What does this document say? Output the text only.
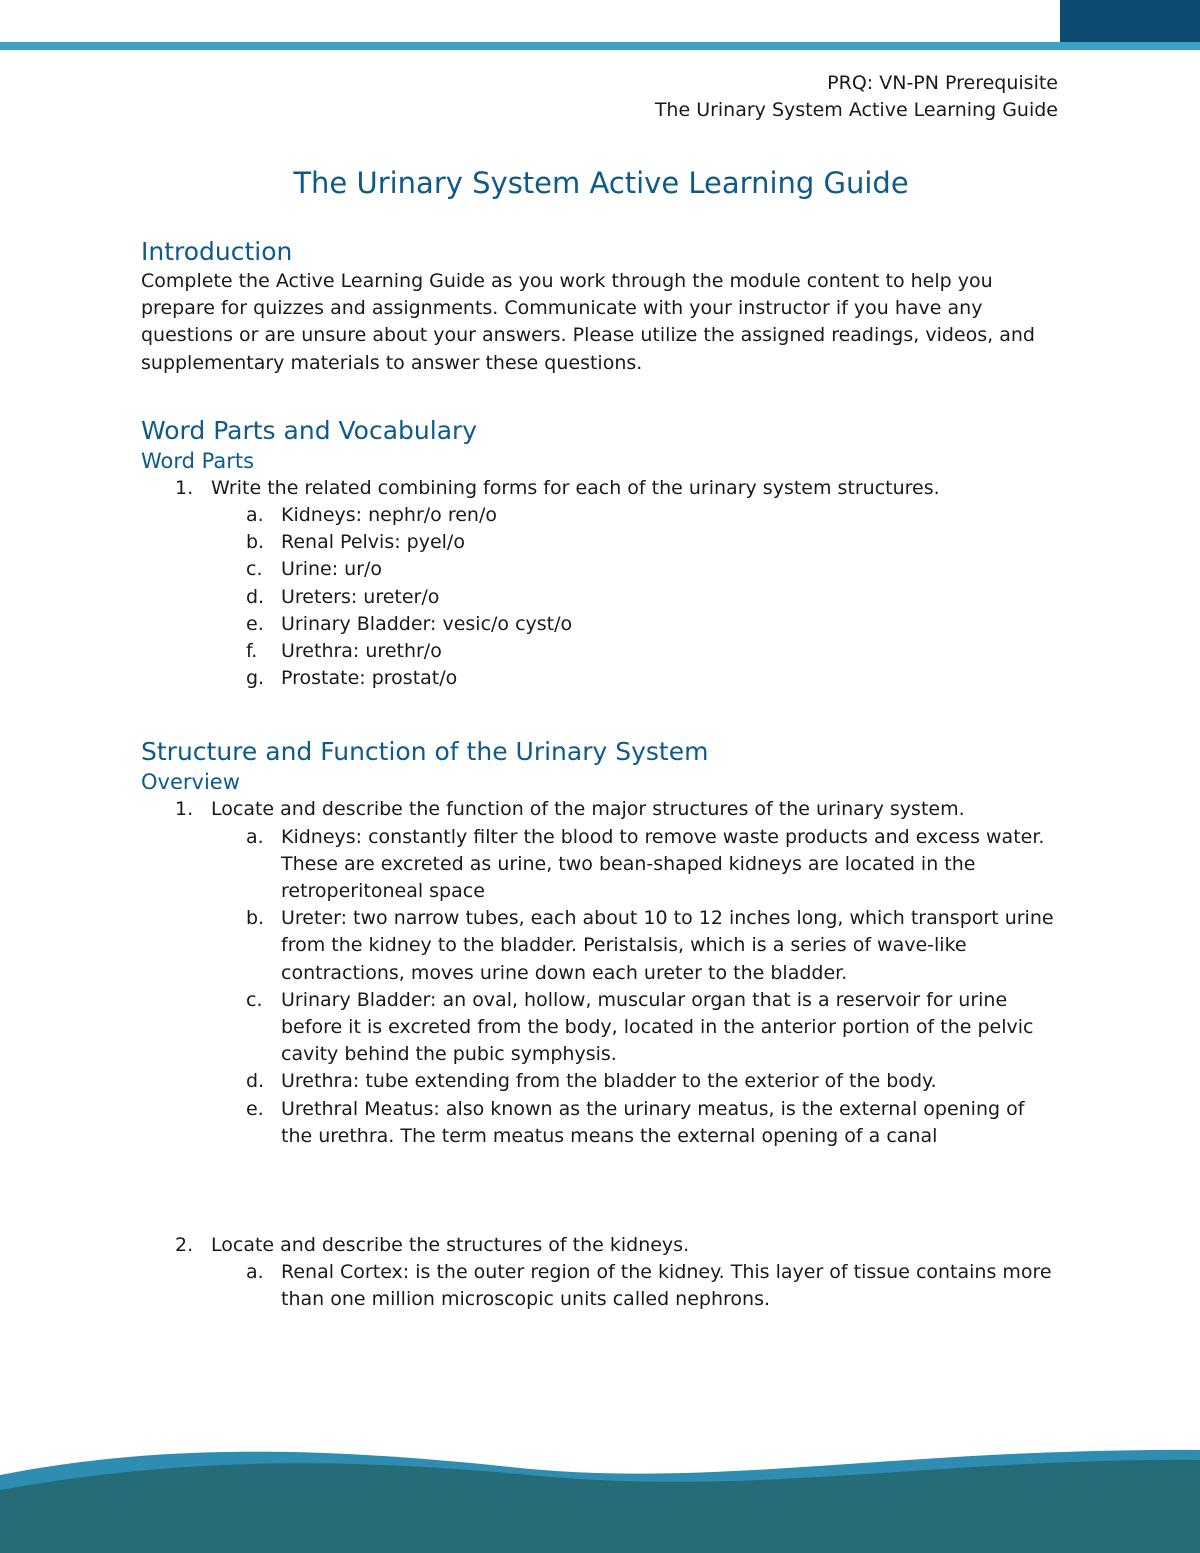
PRQ: VN-PN Prerequisite
The Urinary System Active Learning Guide
The Urinary System Active Learning Guide
Introduction

Complete the Active Learning Guide as you work through the module content to help you prepare for quizzes and assignments. Communicate with your instructor if you have any questions or are unsure about your answers. Please utilize the assigned readings, videos, and supplementary materials to answer these questions.

Word Parts and Vocabulary
Word Parts
1. Write the related combining forms for each of the urinary system structures.
a. Kidneys: nephr/o ren/o
b. Renal Pelvis: pyel/o
c. Urine: ur/o
d. Ureters: ureter/o
e. Urinary Bladder: vesic/o cyst/o
f. Urethra: urethr/o
g. Prostate: prostat/o
Structure and Function of the Urinary System
Overview
1. Locate and describe the function of the major structures of the urinary system.
a. Kidneys: constantly filter the blood to remove waste products and excess water. These are excreted as urine, two bean-shaped kidneys are located in the retroperitoneal space
b. Ureter: two narrow tubes, each about 10 to 12 inches long, which transport urine from the kidney to the bladder. Peristalsis, which is a series of wave-like contractions, moves urine down each ureter to the bladder.
c. Urinary Bladder: an oval, hollow, muscular organ that is a reservoir for urine before it is excreted from the body, located in the anterior portion of the pelvic cavity behind the pubic symphysis.
d. Urethra: tube extending from the bladder to the exterior of the body.
e. Urethral Meatus: also known as the urinary meatus, is the external opening of the urethra. The term meatus means the external opening of a canal
2. Locate and describe the structures of the kidneys.
a. Renal Cortex: is the outer region of the kidney. This layer of tissue contains more than one million microscopic units called nephrons.
